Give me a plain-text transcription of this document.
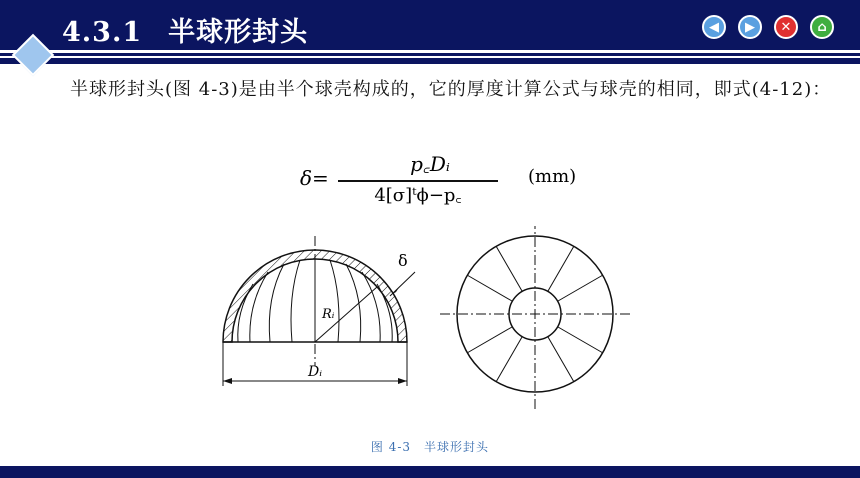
4.3.1 半球形封头	◀ ▶ ✕ ⌂
半球形封头(图 4-3)是由半个球壳构成的，它的厚度计算公式与球壳的相同，即式(4-12)：
δ=
p꜀Dᵢ
4[σ]ᵗϕ−p꜀
(mm)
δ
Rᵢ
Dᵢ
图 4-3　半球形封头
